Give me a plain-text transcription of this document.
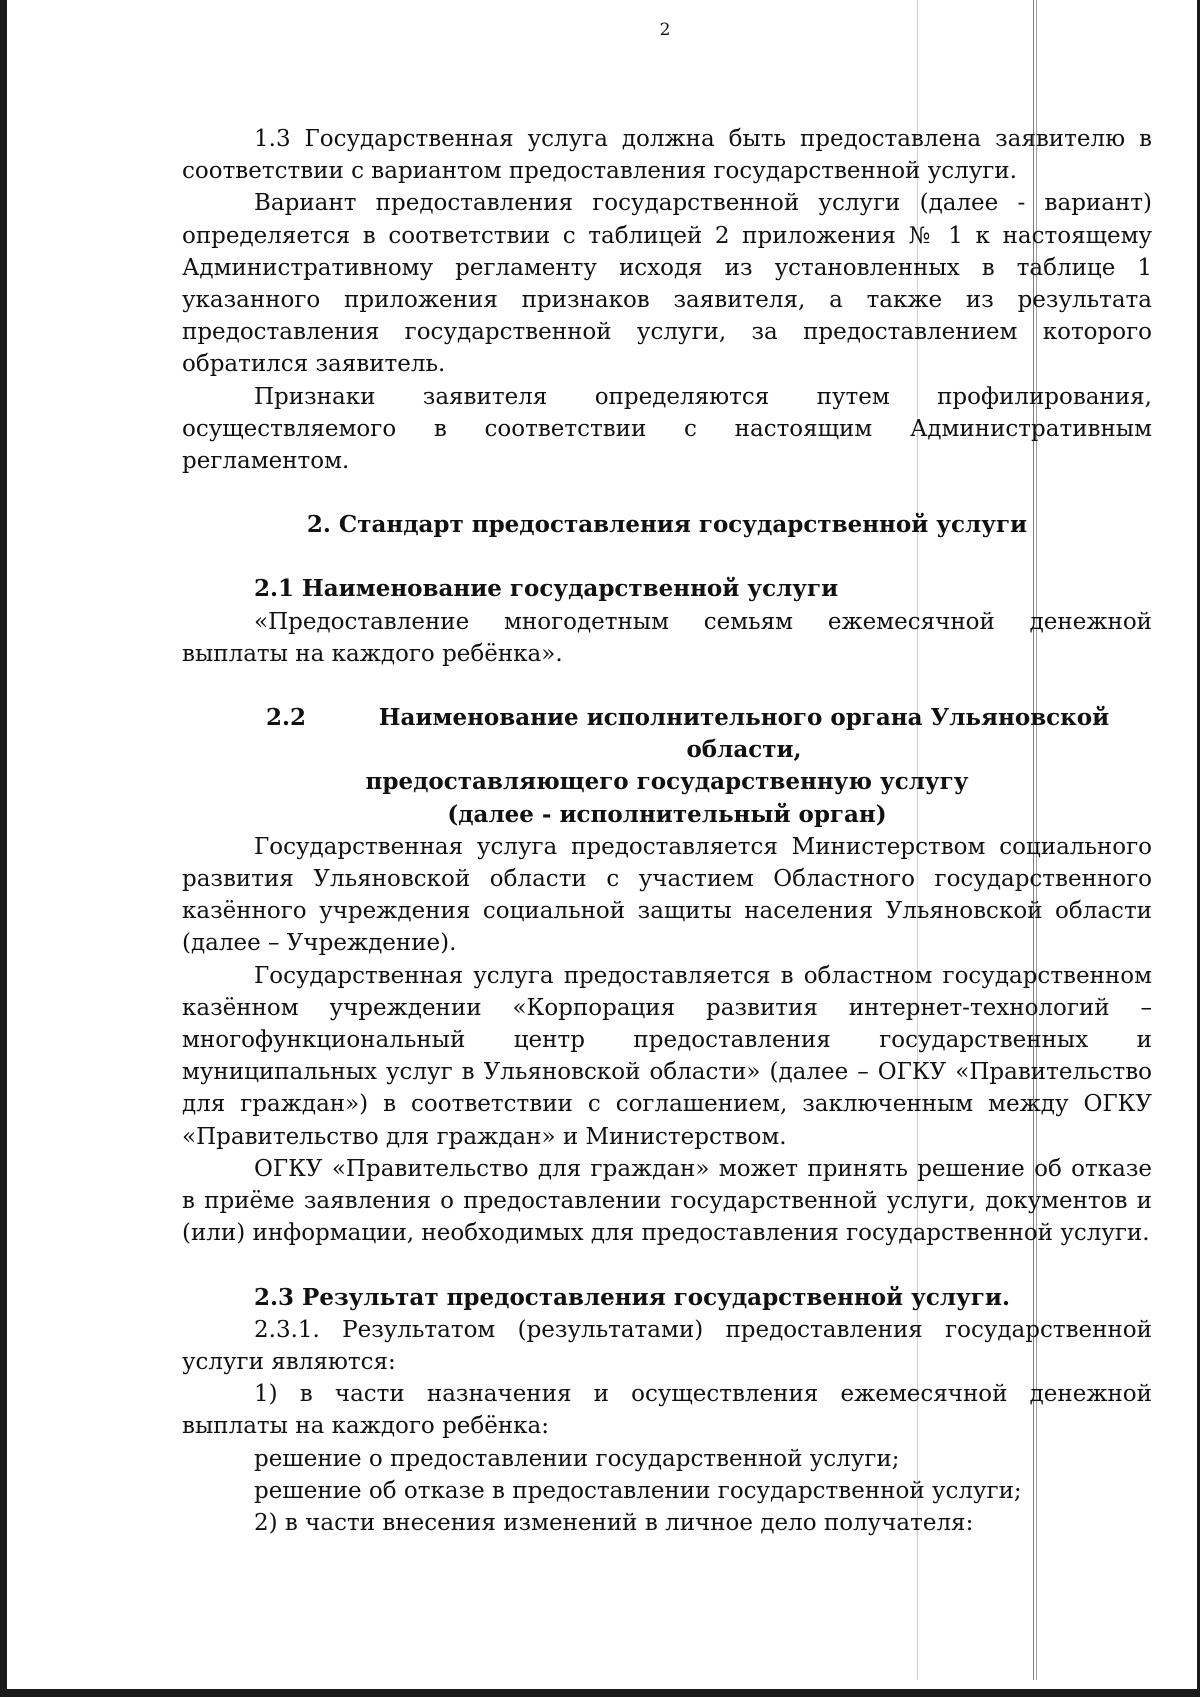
2

1.3 Государственная услуга должна быть предоставлена заявителю в соответствии с вариантом предоставления государственной услуги.

Вариант предоставления государственной услуги (далее - вариант) определяется в соответствии с таблицей 2 приложения № 1 к настоящему Административному регламенту исходя из установленных в таблице 1 указанного приложения признаков заявителя, а также из результата предоставления государственной услуги, за предоставлением которого обратился заявитель.

Признаки заявителя определяются путем профилирования, осуществляемого в соответствии с настоящим Административным регламентом.

2. Стандарт предоставления государственной услуги

2.1 Наименование государственной услуги

«Предоставление многодетным семьям ежемесячной денежной выплаты на каждого ребёнка».

2.2	Наименование исполнительного органа Ульяновской области,

предоставляющего государственную услугу

(далее - исполнительный орган)

Государственная услуга предоставляется Министерством социального развития Ульяновской области с участием Областного государственного казённого учреждения социальной защиты населения Ульяновской области (далее – Учреждение).

Государственная услуга предоставляется в областном государственном казённом учреждении «Корпорация развития интернет-технологий – многофункциональный центр предоставления государственных и муниципальных услуг в Ульяновской области» (далее – ОГКУ «Правительство для граждан») в соответствии с соглашением, заключенным между ОГКУ «Правительство для граждан» и Министерством.

ОГКУ «Правительство для граждан» может принять решение об отказе в приёме заявления о предоставлении государственной услуги, документов и (или) информации, необходимых для предоставления государственной услуги.

2.3 Результат предоставления государственной услуги.

2.3.1. Результатом (результатами) предоставления государственной услуги являются:

1) в части назначения и осуществления ежемесячной денежной выплаты на каждого ребёнка:

решение о предоставлении государственной услуги;

решение об отказе в предоставлении государственной услуги;

2) в части внесения изменений в личное дело получателя:
